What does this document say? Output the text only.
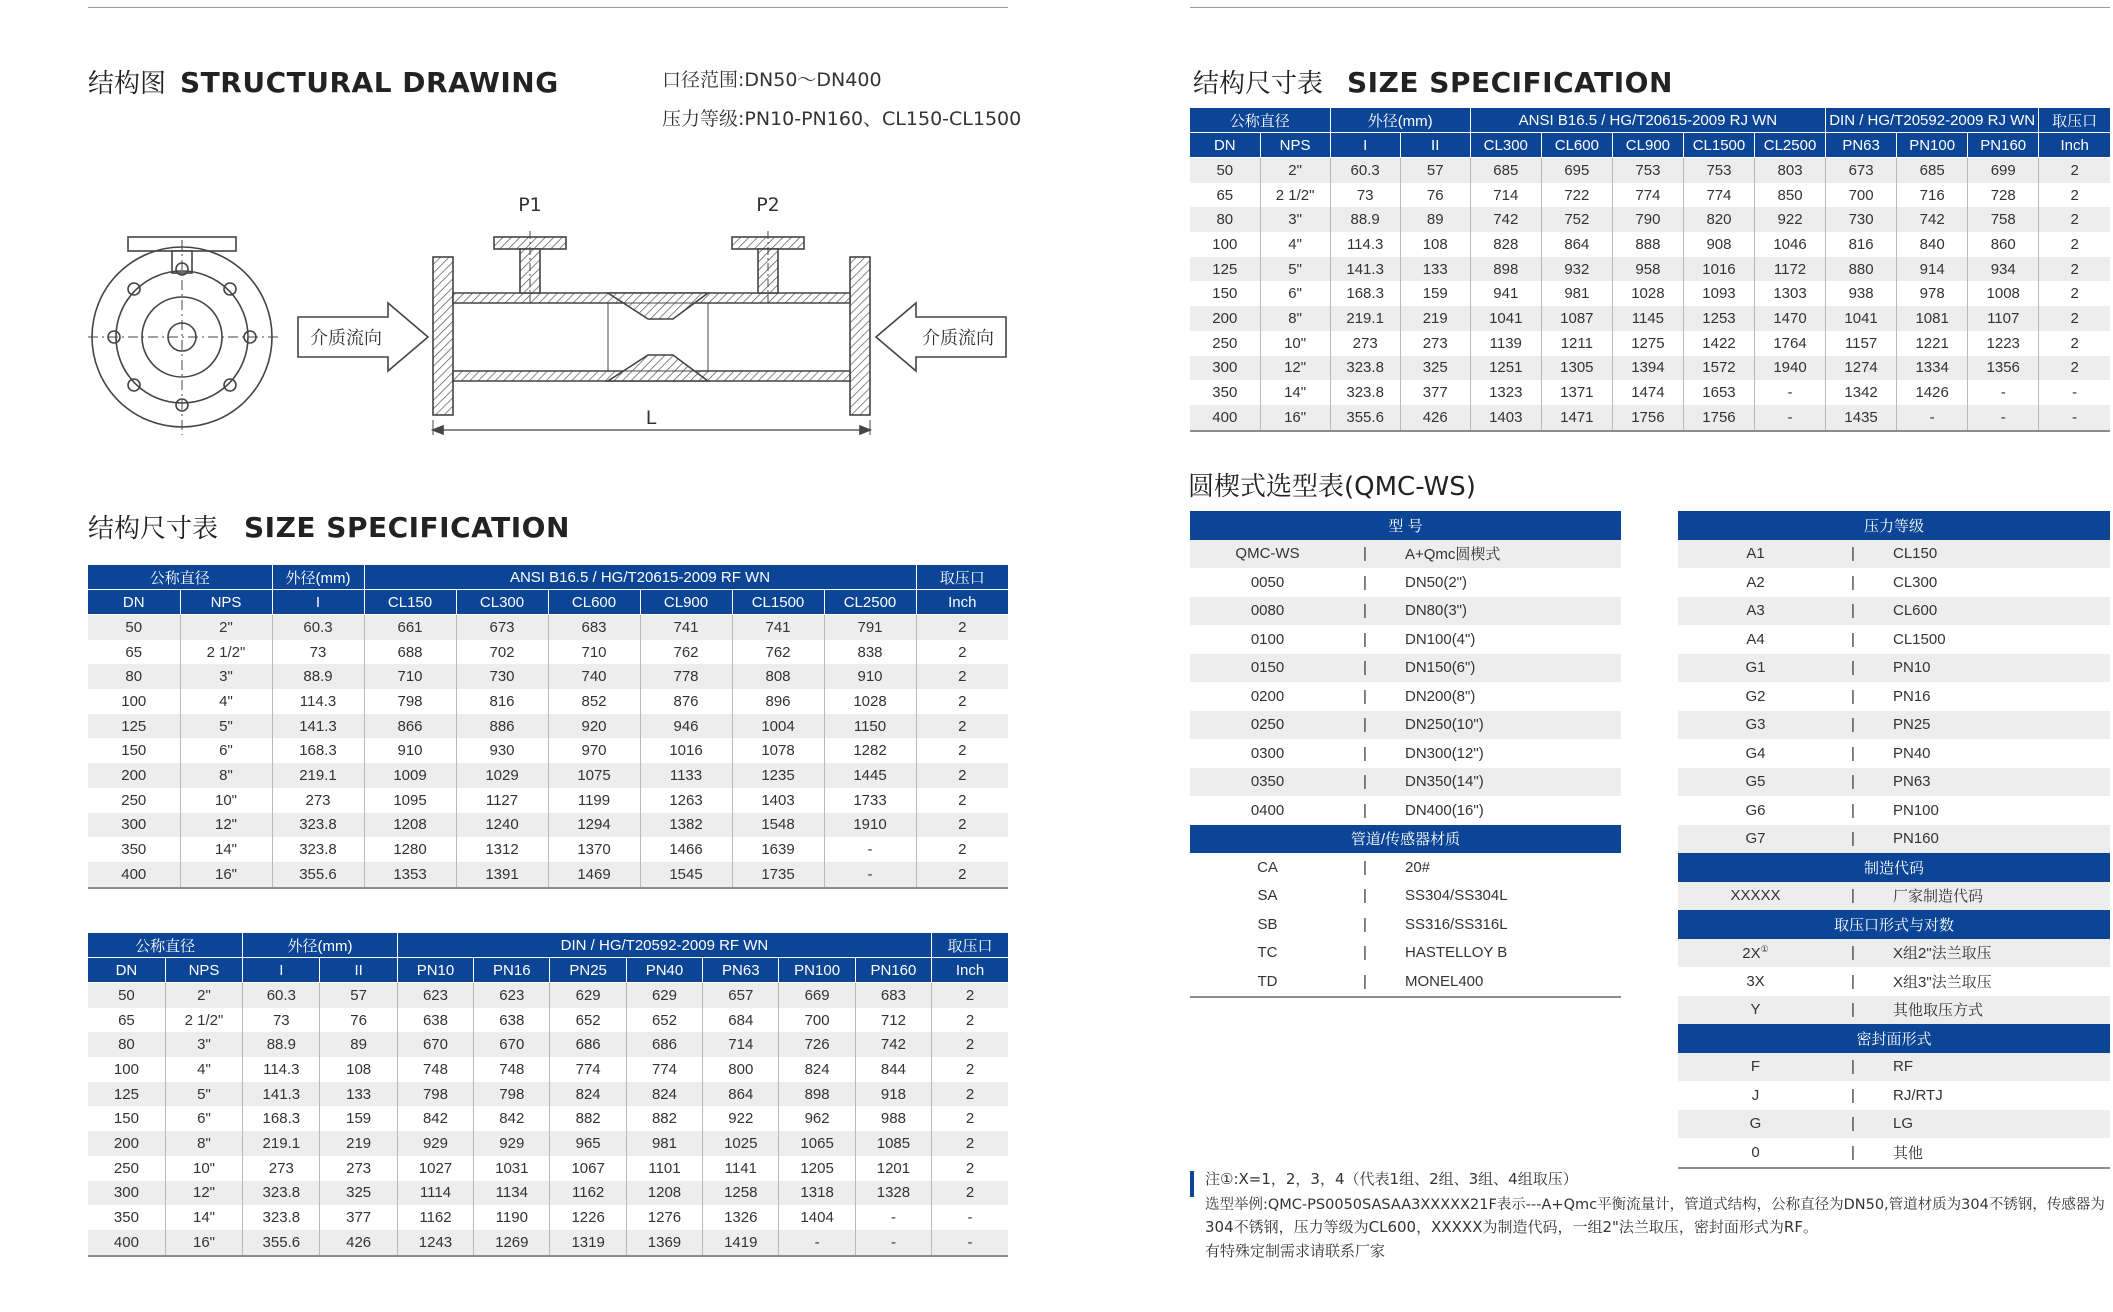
结构图 STRUCTURAL DRAWING	口径范围:DN50～DN400
压力等级:PN10-PN160、CL150-CL1500
介质流向	介质流向
P1	P2
L
结构尺寸表 SIZE SPECIFICATION
公称直径		外径(mm)	ANSI B16.5 / HG/T20615-2009 RF WN						取压口
DN	NPS	I	CL150	CL300	CL600	CL900	CL1500	CL2500	Inch
50	2"	60.3	661	673	683	741	741	791	2
65	2 1/2"	73	688	702	710	762	762	838	2
80	3"	88.9	710	730	740	778	808	910	2
100	4"	114.3	798	816	852	876	896	1028	2
125	5"	141.3	866	886	920	946	1004	1150	2
150	6"	168.3	910	930	970	1016	1078	1282	2
200	8"	219.1	1009	1029	1075	1133	1235	1445	2
250	10"	273	1095	1127	1199	1263	1403	1733	2
300	12"	323.8	1208	1240	1294	1382	1548	1910	2
350	14"	323.8	1280	1312	1370	1466	1639	-	2
400	16"	355.6	1353	1391	1469	1545	1735	-	2
公称直径		外径(mm)		DIN / HG/T20592-2009 RF WN							取压口
DN	NPS	I	II	PN10	PN16	PN25	PN40	PN63	PN100	PN160	Inch
50	2"	60.3	57	623	623	629	629	657	669	683	2
65	2 1/2"	73	76	638	638	652	652	684	700	712	2
80	3"	88.9	89	670	670	686	686	714	726	742	2
100	4"	114.3	108	748	748	774	774	800	824	844	2
125	5"	141.3	133	798	798	824	824	864	898	918	2
150	6"	168.3	159	842	842	882	882	922	962	988	2
200	8"	219.1	219	929	929	965	981	1025	1065	1085	2
250	10"	273	273	1027	1031	1067	1101	1141	1205	1201	2
300	12"	323.8	325	1114	1134	1162	1208	1258	1318	1328	2
350	14"	323.8	377	1162	1190	1226	1276	1326	1404	-	-
400	16"	355.6	426	1243	1269	1319	1369	1419	-	-	-
结构尺寸表 SIZE SPECIFICATION
公称直径		外径(mm)		ANSI B16.5 / HG/T20615-2009 RJ WN					DIN / HG/T20592-2009 RJ WN			取压口
DN	NPS	I	II	CL300	CL600	CL900	CL1500	CL2500	PN63	PN100	PN160	Inch
50	2"	60.3	57	685	695	753	753	803	673	685	699	2
65	2 1/2"	73	76	714	722	774	774	850	700	716	728	2
80	3"	88.9	89	742	752	790	820	922	730	742	758	2
100	4"	114.3	108	828	864	888	908	1046	816	840	860	2
125	5"	141.3	133	898	932	958	1016	1172	880	914	934	2
150	6"	168.3	159	941	981	1028	1093	1303	938	978	1008	2
200	8"	219.1	219	1041	1087	1145	1253	1470	1041	1081	1107	2
250	10"	273	273	1139	1211	1275	1422	1764	1157	1221	1223	2
300	12"	323.8	325	1251	1305	1394	1572	1940	1274	1334	1356	2
350	14"	323.8	377	1323	1371	1474	1653	-	1342	1426	-	-
400	16"	355.6	426	1403	1471	1756	1756	-	1435	-	-	-
圆楔式选型表(QMC-WS)
型 号		
QMC-WS	|	A+Qmc圆楔式
0050	|	DN50(2")
0080	|	DN80(3")
0100	|	DN100(4")
0150	|	DN150(6")
0200	|	DN200(8")
0250	|	DN250(10")
0300	|	DN300(12")
0350	|	DN350(14")
0400	|	DN400(16")
管道/传感器材质		
CA	|	20#
SA	|	SS304/SS304L
SB	|	SS316/SS316L
TC	|	HASTELLOY B
TD	|	MONEL400
压力等级		
A1	|	CL150
A2	|	CL300
A3	|	CL600
A4	|	CL1500
G1	|	PN10
G2	|	PN16
G3	|	PN25
G4	|	PN40
G5	|	PN63
G6	|	PN100
G7	|	PN160
制造代码		
XXXXX	|	厂家制造代码
取压口形式与对数		
2X①	|	X组2"法兰取压
3X	|	X组3"法兰取压
Y	|	其他取压方式
密封面形式		
F	|	RF
J	|	RJ/RTJ
G	|	LG
0	|	其他
注①:X=1，2，3，4（代表1组、2组、3组、4组取压）
选型举例:QMC-PS0050SASAA3XXXXX21F表示---A+Qmc平衡流量计，管道式结构，公称直径为DN50,管道材质为304不锈钢，传感器为
304不锈钢，压力等级为CL600，XXXXX为制造代码，一组2"法兰取压，密封面形式为RF。
有特殊定制需求请联系厂家
